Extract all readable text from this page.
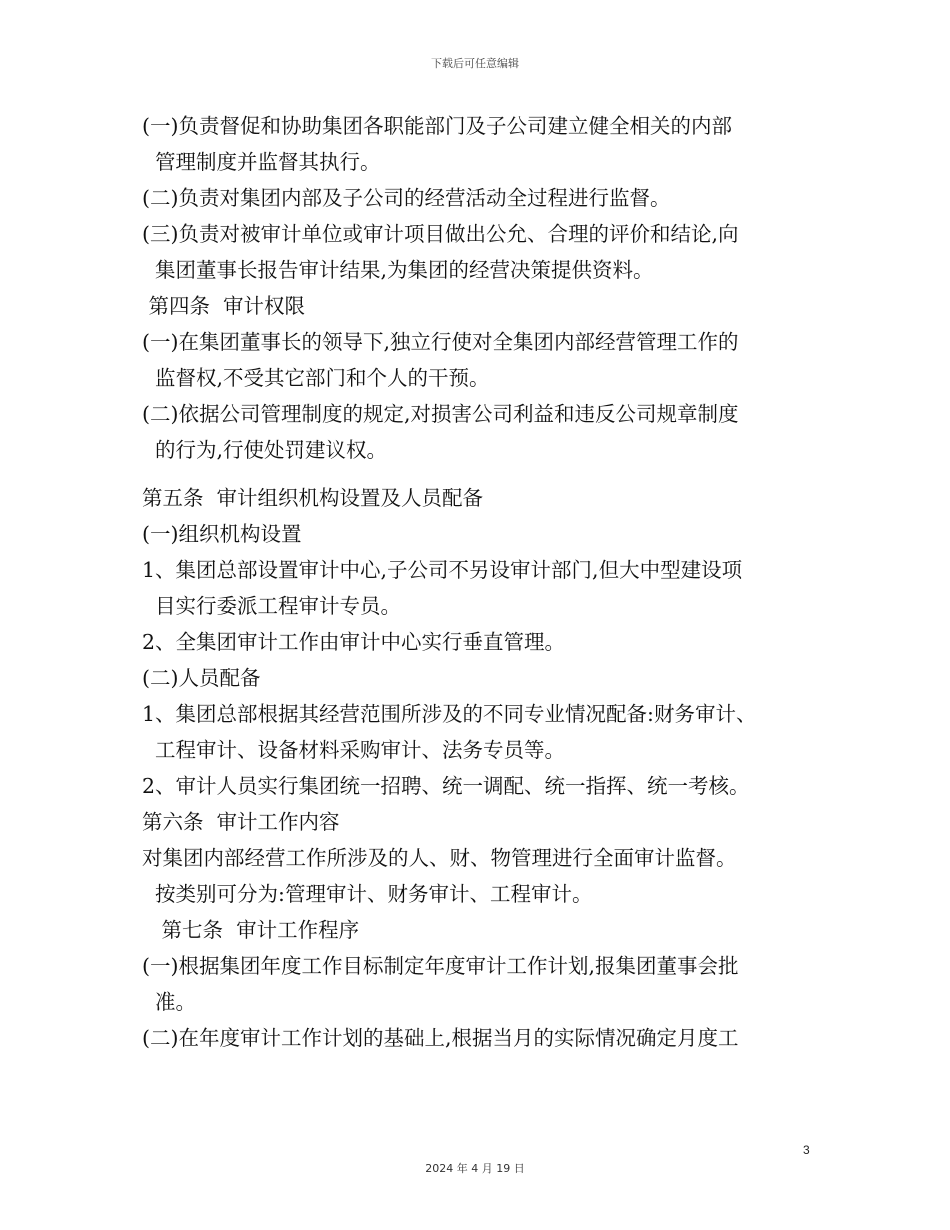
下载后可任意编辑
(一)负责督促和协助集团各职能部门及子公司建立健全相关的内部
管理制度并监督其执行。
(二)负责对集团内部及子公司的经营活动全过程进行监督。
(三)负责对被审计单位或审计项目做出公允、合理的评价和结论,向
集团董事长报告审计结果,为集团的经营决策提供资料。
第四条  审计权限
(一)在集团董事长的领导下,独立行使对全集团内部经营管理工作的
监督权,不受其它部门和个人的干预。
(二)依据公司管理制度的规定,对损害公司利益和违反公司规章制度
的行为,行使处罚建议权。
第五条  审计组织机构设置及人员配备
(一)组织机构设置
1、集团总部设置审计中心,子公司不另设审计部门,但大中型建设项
目实行委派工程审计专员。
2、全集团审计工作由审计中心实行垂直管理。
(二)人员配备
1、集团总部根据其经营范围所涉及的不同专业情况配备:财务审计、
工程审计、设备材料采购审计、法务专员等。
2、审计人员实行集团统一招聘、统一调配、统一指挥、统一考核。
第六条  审计工作内容
对集团内部经营工作所涉及的人、财、物管理进行全面审计监督。
按类别可分为:管理审计、财务审计、工程审计。
第七条  审计工作程序
(一)根据集团年度工作目标制定年度审计工作计划,报集团董事会批
准。
(二)在年度审计工作计划的基础上,根据当月的实际情况确定月度工
3
2024 年 4 月 19 日
